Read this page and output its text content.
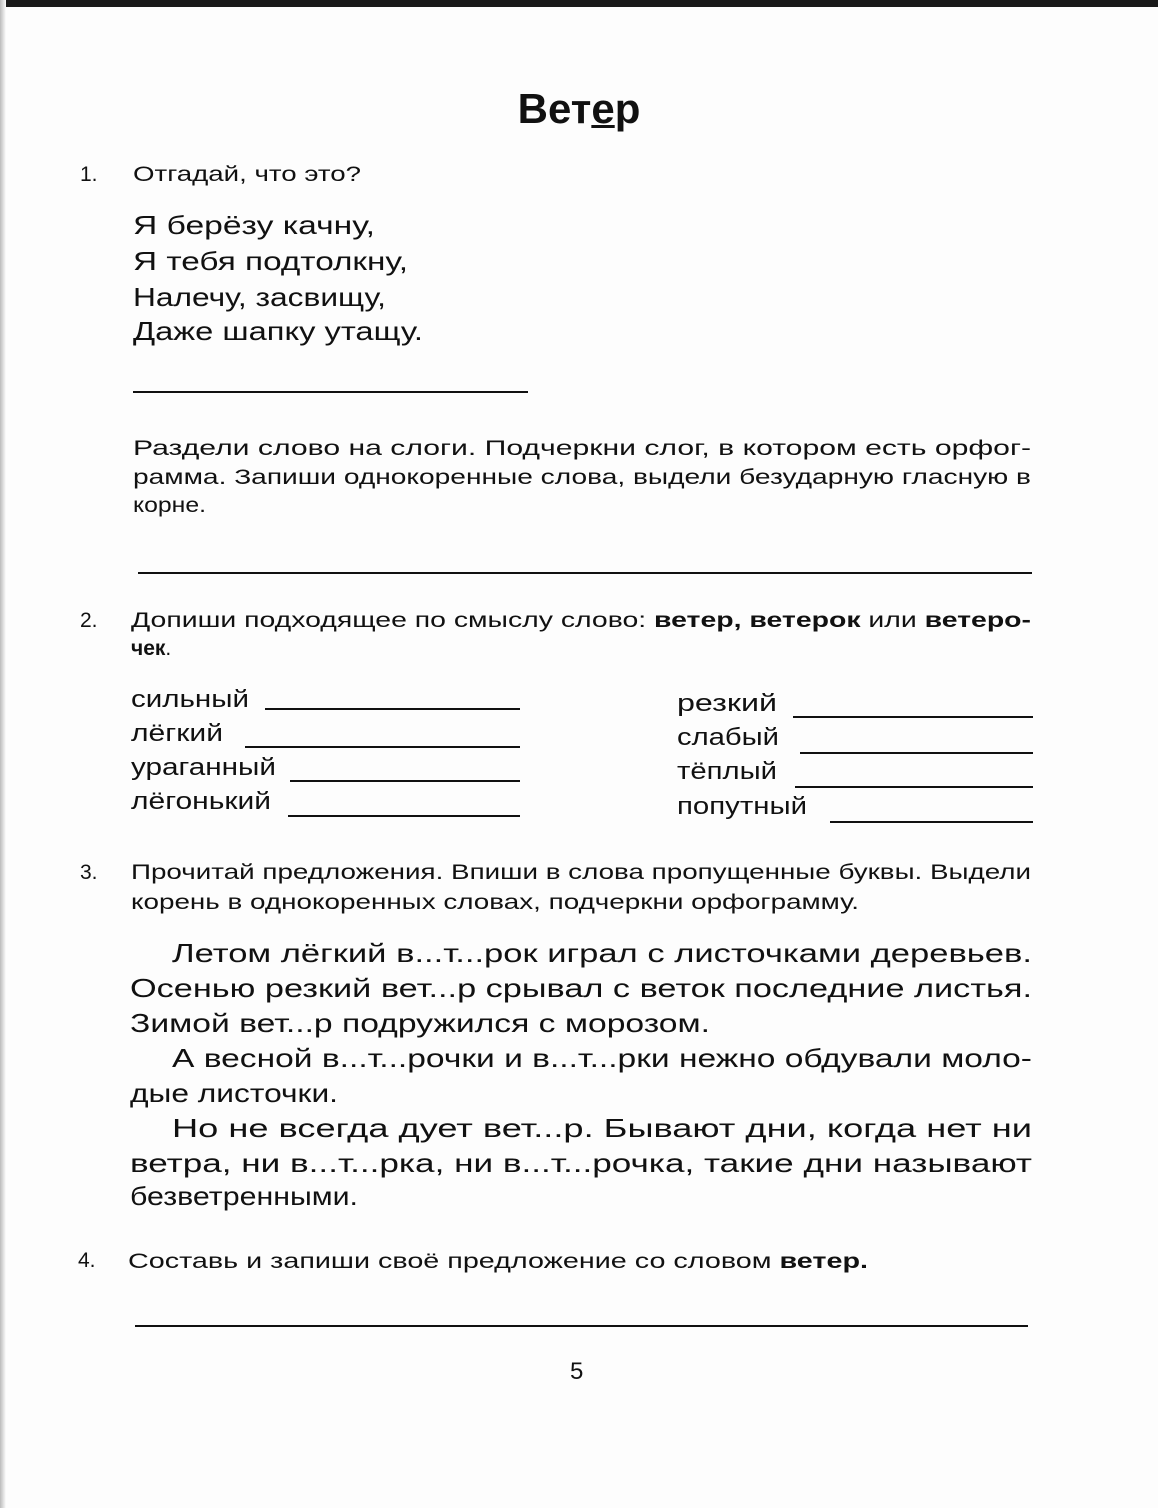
Ветер
1. Отгадай, что это?
Я берёзу качну,
Я тебя подтолкну,
Налечу, засвищу,
Даже шапку утащу.
Раздели слово на слоги. Подчеркни слог, в котором есть орфог-
рамма. Запиши однокоренные слова, выдели безударную гласную в
корне.
2. Допиши подходящее по смыслу слово: ветер, ветерок или ветеро-
чек.
сильный
лёгкий
ураганный
лёгонький
резкий
слабый
тёплый
попутный
3. Прочитай предложения. Впиши в слова пропущенные буквы. Выдели
корень в однокоренных словах, подчеркни орфограмму.
Летом лёгкий в...т...рок играл с листочками деревьев.
Осенью резкий вет...р срывал с веток последние листья.
Зимой вет...р подружился с морозом.
А весной в...т...рочки и в...т...рки нежно обдували моло-
дые листочки.
Но не всегда дует вет...р. Бывают дни, когда нет ни
ветра, ни в...т...рка, ни в...т...рочка, такие дни называют
безветренными.
4. Составь и запиши своё предложение со словом ветер.
5
